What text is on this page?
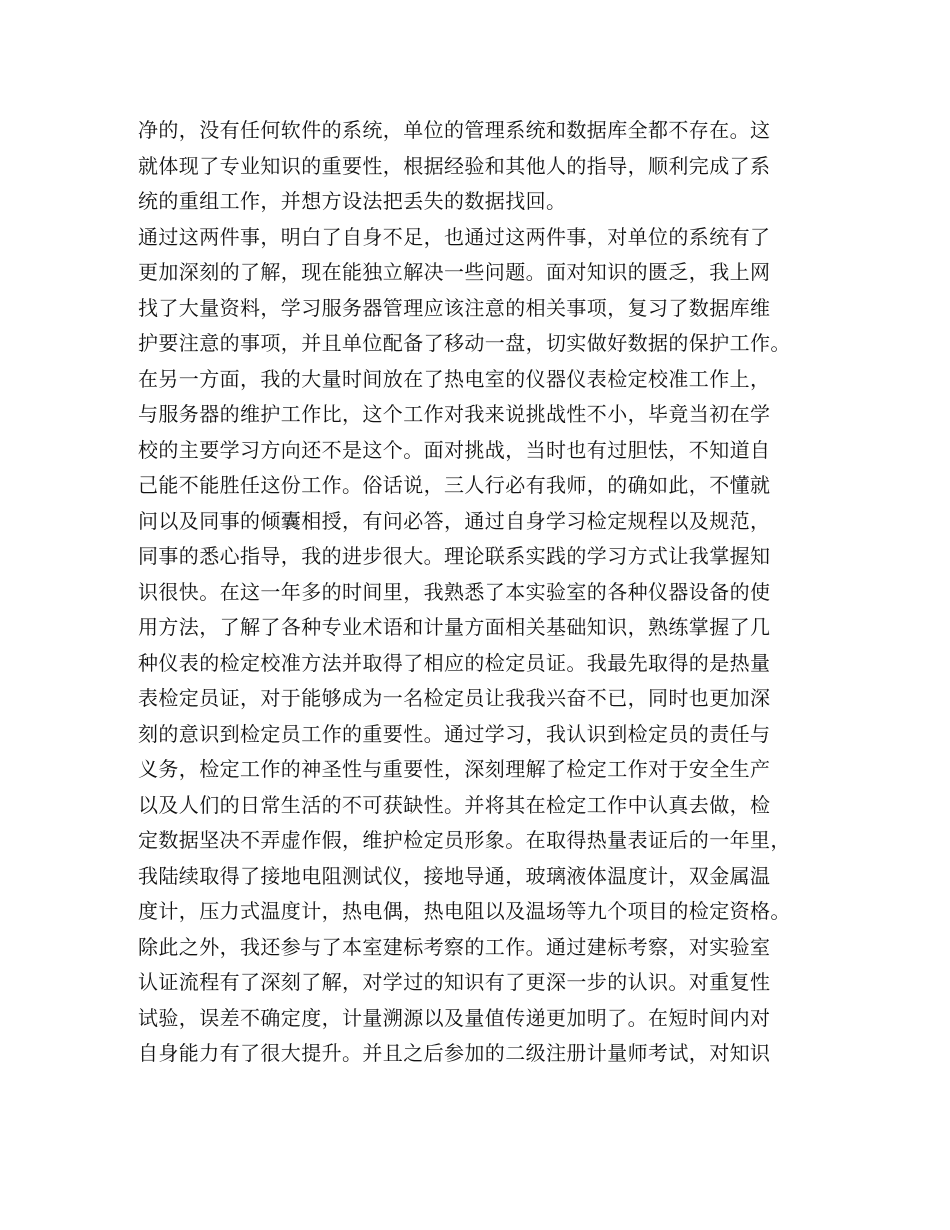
净的，没有任何软件的系统，单位的管理系统和数据库全都不存在。这
就体现了专业知识的重要性，根据经验和其他人的指导，顺利完成了系
统的重组工作，并想方设法把丢失的数据找回。
通过这两件事，明白了自身不足，也通过这两件事，对单位的系统有了
更加深刻的了解，现在能独立解决一些问题。面对知识的匮乏，我上网
找了大量资料，学习服务器管理应该注意的相关事项，复习了数据库维
护要注意的事项，并且单位配备了移动一盘，切实做好数据的保护工作。
在另一方面，我的大量时间放在了热电室的仪器仪表检定校准工作上，
与服务器的维护工作比，这个工作对我来说挑战性不小，毕竟当初在学
校的主要学习方向还不是这个。面对挑战，当时也有过胆怯，不知道自
己能不能胜任这份工作。俗话说，三人行必有我师，的确如此，不懂就
问以及同事的倾囊相授，有问必答，通过自身学习检定规程以及规范，
同事的悉心指导，我的进步很大。理论联系实践的学习方式让我掌握知
识很快。在这一年多的时间里，我熟悉了本实验室的各种仪器设备的使
用方法，了解了各种专业术语和计量方面相关基础知识，熟练掌握了几
种仪表的检定校准方法并取得了相应的检定员证。我最先取得的是热量
表检定员证，对于能够成为一名检定员让我我兴奋不已，同时也更加深
刻的意识到检定员工作的重要性。通过学习，我认识到检定员的责任与
义务，检定工作的神圣性与重要性，深刻理解了检定工作对于安全生产
以及人们的日常生活的不可获缺性。并将其在检定工作中认真去做，检
定数据坚决不弄虚作假，维护检定员形象。在取得热量表证后的一年里，
我陆续取得了接地电阻测试仪，接地导通，玻璃液体温度计，双金属温
度计，压力式温度计，热电偶，热电阻以及温场等九个项目的检定资格。
除此之外，我还参与了本室建标考察的工作。通过建标考察，对实验室
认证流程有了深刻了解，对学过的知识有了更深一步的认识。对重复性
试验，误差不确定度，计量溯源以及量值传递更加明了。在短时间内对
自身能力有了很大提升。并且之后参加的二级注册计量师考试，对知识
